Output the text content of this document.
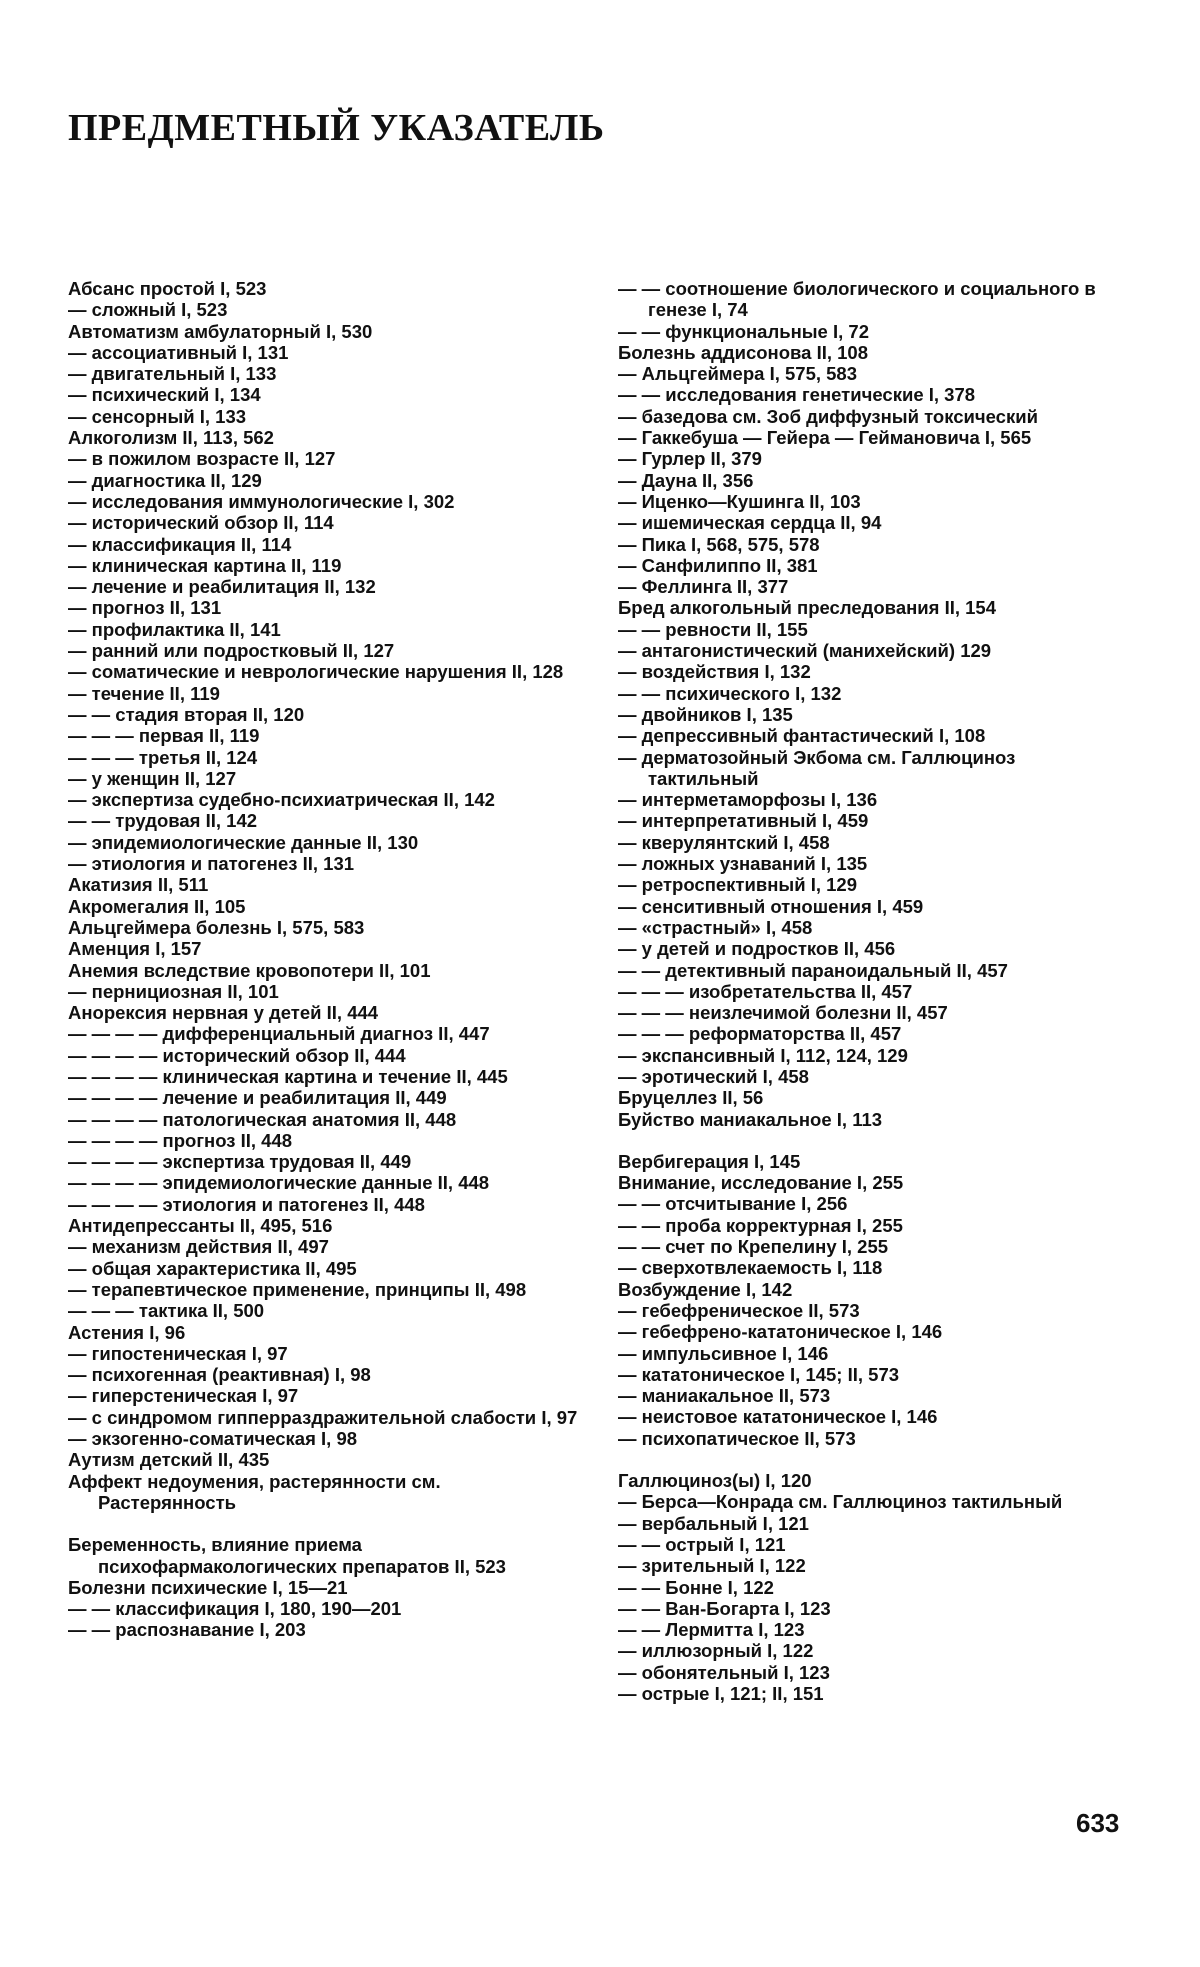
ПРЕДМЕТНЫЙ УКАЗАТЕЛЬ
Абсанс простой I, 523
— сложный I, 523
Автоматизм амбулаторный I, 530
— ассоциативный I, 131
— двигательный I, 133
— психический I, 134
— сенсорный I, 133
Алкоголизм II, 113, 562
— в пожилом возрасте II, 127
— диагностика II, 129
— исследования иммунологические I, 302
— исторический обзор II, 114
— классификация II, 114
— клиническая картина II, 119
— лечение и реабилитация II, 132
— прогноз II, 131
— профилактика II, 141
— ранний или подростковый II, 127
— соматические и неврологические нарушения II, 128
— течение II, 119
— — стадия вторая II, 120
— — — первая II, 119
— — — третья II, 124
— у женщин II, 127
— экспертиза судебно-психиатрическая II, 142
— — трудовая II, 142
— эпидемиологические данные II, 130
— этиология и патогенез II, 131
Акатизия II, 511
Акромегалия II, 105
Альцгеймера болезнь I, 575, 583
Аменция I, 157
Анемия вследствие кровопотери II, 101
— пернициозная II, 101
Анорексия нервная у детей II, 444
— — — — дифференциальный диагноз II, 447
— — — — исторический обзор II, 444
— — — — клиническая картина и течение II, 445
— — — — лечение и реабилитация II, 449
— — — — патологическая анатомия II, 448
— — — — прогноз II, 448
— — — — экспертиза трудовая II, 449
— — — — эпидемиологические данные II, 448
— — — — этиология и патогенез II, 448
Антидепрессанты II, 495, 516
— механизм действия II, 497
— общая характеристика II, 495
— терапевтическое применение, принципы II, 498
— — — тактика II, 500
Астения I, 96
— гипостеническая I, 97
— психогенная (реактивная) I, 98
— гиперстеническая I, 97
— с синдромом гипперраздражительной слабости I, 97
— экзогенно-соматическая I, 98
Аутизм детский II, 435
Аффект недоумения, растерянности см. Растерянность
Беременность, влияние приема психофармакологических препаратов II, 523
Болезни психические I, 15—21
— — классификация I, 180, 190—201
— — распознавание I, 203
— — соотношение биологического и социального в генезе I, 74
— — функциональные I, 72
Болезнь аддисонова II, 108
— Альцгеймера I, 575, 583
— — исследования генетические I, 378
— базедова см. Зоб диффузный токсический
— Гаккебуша — Гейера — Геймановича I, 565
— Гурлер II, 379
— Дауна II, 356
— Иценко—Кушинга II, 103
— ишемическая сердца II, 94
— Пика I, 568, 575, 578
— Санфилиппо II, 381
— Феллинга II, 377
Бред алкогольный преследования II, 154
— — ревности II, 155
— антагонистический (манихейский) 129
— воздействия I, 132
— — психического I, 132
— двойников I, 135
— депрессивный фантастический I, 108
— дерматозойный Экбома см. Галлюциноз тактильный
— интерметаморфозы I, 136
— интерпретативный I, 459
— кверулянтский I, 458
— ложных узнаваний I, 135
— ретроспективный I, 129
— сенситивный отношения I, 459
— «страстный» I, 458
— у детей и подростков II, 456
— — детективный параноидальный II, 457
— — — изобретательства II, 457
— — — неизлечимой болезни II, 457
— — — реформаторства II, 457
— экспансивный I, 112, 124, 129
— эротический I, 458
Бруцеллез II, 56
Буйство маниакальное I, 113
Вербигерация I, 145
Внимание, исследование I, 255
— — отсчитывание I, 256
— — проба корректурная I, 255
— — счет по Крепелину I, 255
— сверхотвлекаемость I, 118
Возбуждение I, 142
— гебефреническое II, 573
— гебефрено-кататоническое I, 146
— импульсивное I, 146
— кататоническое I, 145; II, 573
— маниакальное II, 573
— неистовое кататоническое I, 146
— психопатическое II, 573
Галлюциноз(ы) I, 120
— Берса—Конрада см. Галлюциноз тактильный
— вербальный I, 121
— — острый I, 121
— зрительный I, 122
— — Бонне I, 122
— — Ван-Богарта I, 123
— — Лермитта I, 123
— иллюзорный I, 122
— обонятельный I, 123
— острые I, 121; II, 151
633
